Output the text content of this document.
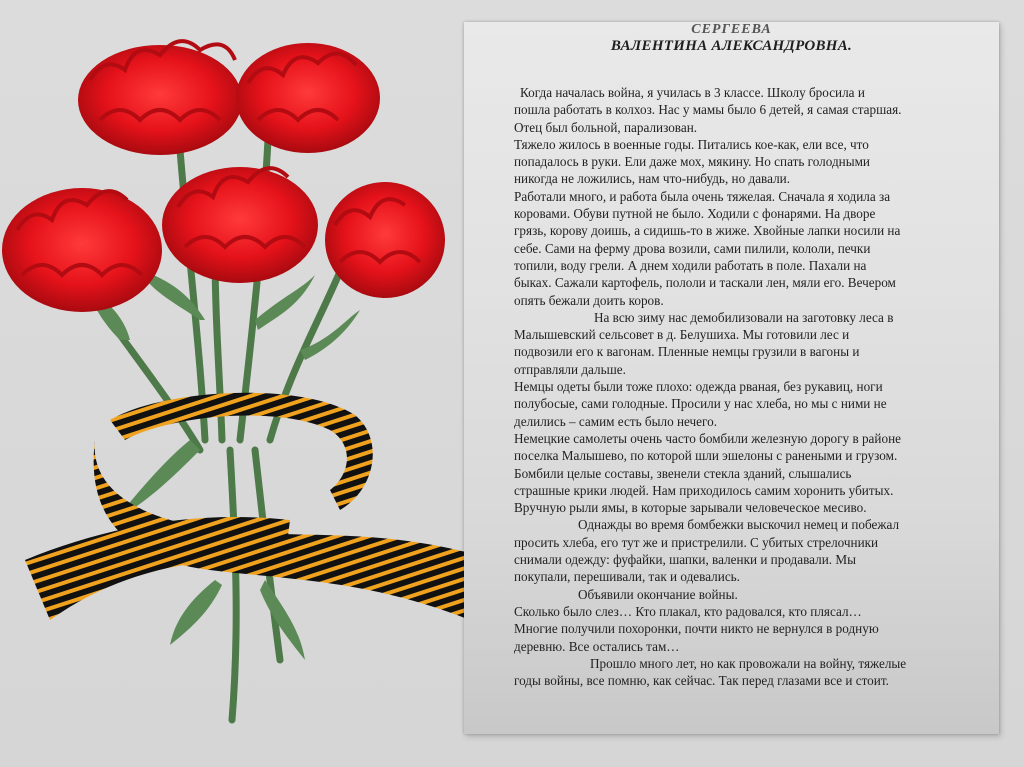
СЕРГЕЕВА
ВАЛЕНТИНА АЛЕКСАНДРОВНА.
Когда началась война, я училась в 3 классе. Школу бросила и
пошла работать в колхоз. Нас у мамы было 6 детей, я самая старшая.
Отец был больной, парализован.
Тяжело жилось в военные годы. Питались кое-как, ели все, что
попадалось в руки. Ели даже мох, мякину. Но спать голодными
никогда не ложились, нам что-нибудь, но давали.
Работали много, и работа была очень тяжелая. Сначала я ходила за
коровами. Обуви путной не было. Ходили с фонарями. На дворе
грязь, корову доишь, а сидишь-то в жиже. Хвойные лапки носили на
себе. Сами на ферму дрова возили, сами пилили, кололи, печки
топили, воду грели. А днем ходили работать в поле. Пахали на
быках. Сажали картофель, пололи и таскали лен, мяли его. Вечером
опять бежали доить коров.
На всю зиму нас демобилизовали на заготовку леса в
Малышевский сельсовет в д. Белушиха. Мы готовили лес и
подвозили его к вагонам. Пленные немцы грузили в вагоны и
отправляли дальше.
Немцы одеты были тоже плохо: одежда рваная, без рукавиц, ноги
полубосые, сами голодные. Просили у нас хлеба, но мы с ними не
делились – самим есть было нечего.
Немецкие самолеты очень часто бомбили железную дорогу в районе
поселка Малышево, по которой шли эшелоны с ранеными и грузом.
Бомбили целые составы, звенели стекла зданий, слышались
страшные крики людей. Нам приходилось самим хоронить убитых.
Вручную рыли ямы, в которые зарывали человеческое месиво.
Однажды во время бомбежки выскочил немец и побежал
просить хлеба, его тут же и пристрелили. С убитых стрелочники
снимали одежду: фуфайки, шапки, валенки и продавали. Мы
покупали, перешивали, так и одевались.
Объявили окончание войны.
Сколько было слез… Кто плакал, кто радовался, кто плясал…
Многие получили похоронки, почти никто не вернулся в родную
деревню. Все остались там…
Прошло много лет, но как провожали на войну, тяжелые
годы войны, все помню, как сейчас. Так перед глазами все и стоит.
